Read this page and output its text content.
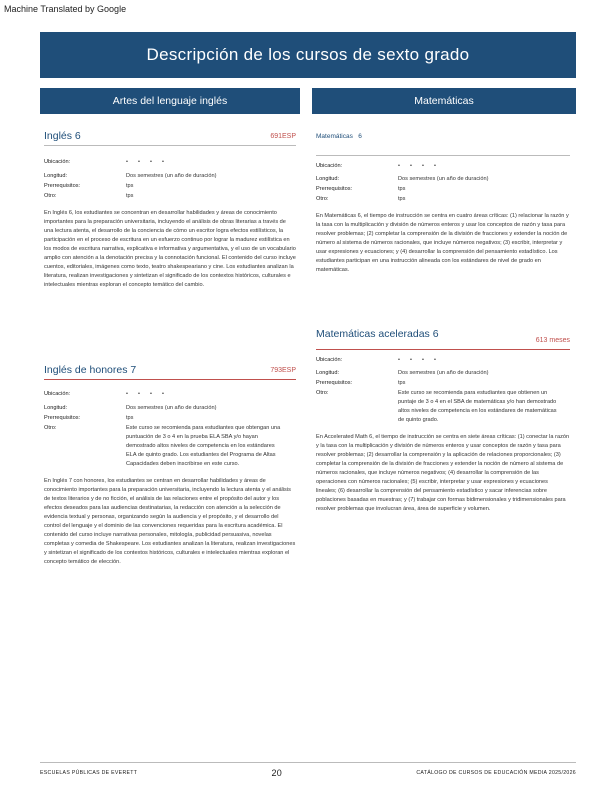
Machine Translated by Google
Descripción de los cursos de sexto grado
Artes del lenguaje inglés	Matemáticas
Inglés 6	691ESP
Ubicación:	• • • •
Longitud:	Dos semestres (un año de duración)
Prerrequisitos:	tps
Otro:	tps
En Inglés 6, los estudiantes se concentran en desarrollar habilidades y áreas de conocimiento importantes para la preparación universitaria, incluyendo el análisis de obras literarias a través de una lectura atenta, el desarrollo de la conciencia de cómo un escritor logra efectos estilísticos, la participación en el proceso de escritura en un esfuerzo continuo por lograr la madurez estilística en los modos de escritura narrativa, explicativa e informativa y argumentativa, y el uso de un vocabulario amplio con atención a la denotación precisa y la connotación funcional. El contenido del curso incluye cuentos, editoriales, imágenes como texto, teatro shakespeariano y cine. Los estudiantes analizan la literatura, realizan investigaciones y sintetizan el significado de los contextos históricos, culturales e intelectuales mientras exploran el concepto temático del cambio.
Inglés de honores 7	793ESP
Ubicación:	• • • •
Longitud:	Dos semestres (un año de duración)
Prerrequisitos:	tps
Otro:	Este curso se recomienda para estudiantes que obtengan una puntuación de 3 o 4 en la prueba ELA SBA y/o hayan demostrado altos niveles de competencia en los estándares ELA de quinto grado. Los estudiantes del Programa de Altas Capacidades deben inscribirse en este curso.
En Inglés 7 con honores, los estudiantes se centran en desarrollar habilidades y áreas de conocimiento importantes para la preparación universitaria, incluyendo la lectura atenta y el análisis de textos literarios y de no ficción, el análisis de las relaciones entre el propósito del autor y los efectos deseados para las audiencias destinatarias, la redacción con atención a la selección de evidencia textual y personas, organizando según la audiencia y el propósito, y el desarrollo del control del lenguaje y el dominio de las convenciones requeridas para la escritura académica. El contenido del curso incluye narrativas personales, mitología, publicidad persuasiva, novelas completas y comedia de Shakespeare. Los estudiantes analizan la literatura, realizan investigaciones y sintetizan el significado de los contextos históricos, culturales e intelectuales mientras exploran el concepto temático de elección.
Matemáticas 6
Ubicación:	• • • •
Longitud:	Dos semestres (un año de duración)
Prerrequisitos:	tps
Otro:	tps
En Matemáticas 6, el tiempo de instrucción se centra en cuatro áreas críticas: (1) relacionar la razón y la tasa con la multiplicación y división de números enteros y usar los conceptos de razón y tasa para resolver problemas; (2) completar la comprensión de la división de fracciones y extender la noción de número al sistema de números racionales, que incluye números negativos; (3) escribir, interpretar y usar expresiones y ecuaciones; y (4) desarrollar la comprensión del pensamiento estadístico. Los estudiantes participan en una instrucción alineada con los estándares de nivel de grado en matemáticas.
Matemáticas aceleradas 6
613 meses
Ubicación:	• • • •
Longitud:	Dos semestres (un año de duración)
Prerrequisitos:	tps
Otro:	Este curso se recomienda para estudiantes que obtienen un puntaje de 3 o 4 en el SBA de matemáticas y/o han demostrado altos niveles de competencia en los estándares de matemáticas de quinto grado.
En Accelerated Math 6, el tiempo de instrucción se centra en siete áreas críticas: (1) conectar la razón y la tasa con la multiplicación y división de números enteros y usar conceptos de razón y tasa para resolver problemas; (2) desarrollar la comprensión y la aplicación de relaciones proporcionales; (3) completar la comprensión de la división de fracciones y extender la noción de número al sistema de números racionales, que incluye números negativos; (4) desarrollar la comprensión de las operaciones con números racionales; (5) escribir, interpretar y usar expresiones y ecuaciones lineales; (6) desarrollar la comprensión del pensamiento estadístico y sacar inferencias sobre poblaciones basadas en muestras; y (7) trabajar con formas bidimensionales y tridimensionales para resolver problemas que involucran área, área de superficie y volumen.
ESCUELAS PÚBLICAS DE EVERETT	20	CATÁLOGO DE CURSOS DE EDUCACIÓN MEDIA 2025/2026
